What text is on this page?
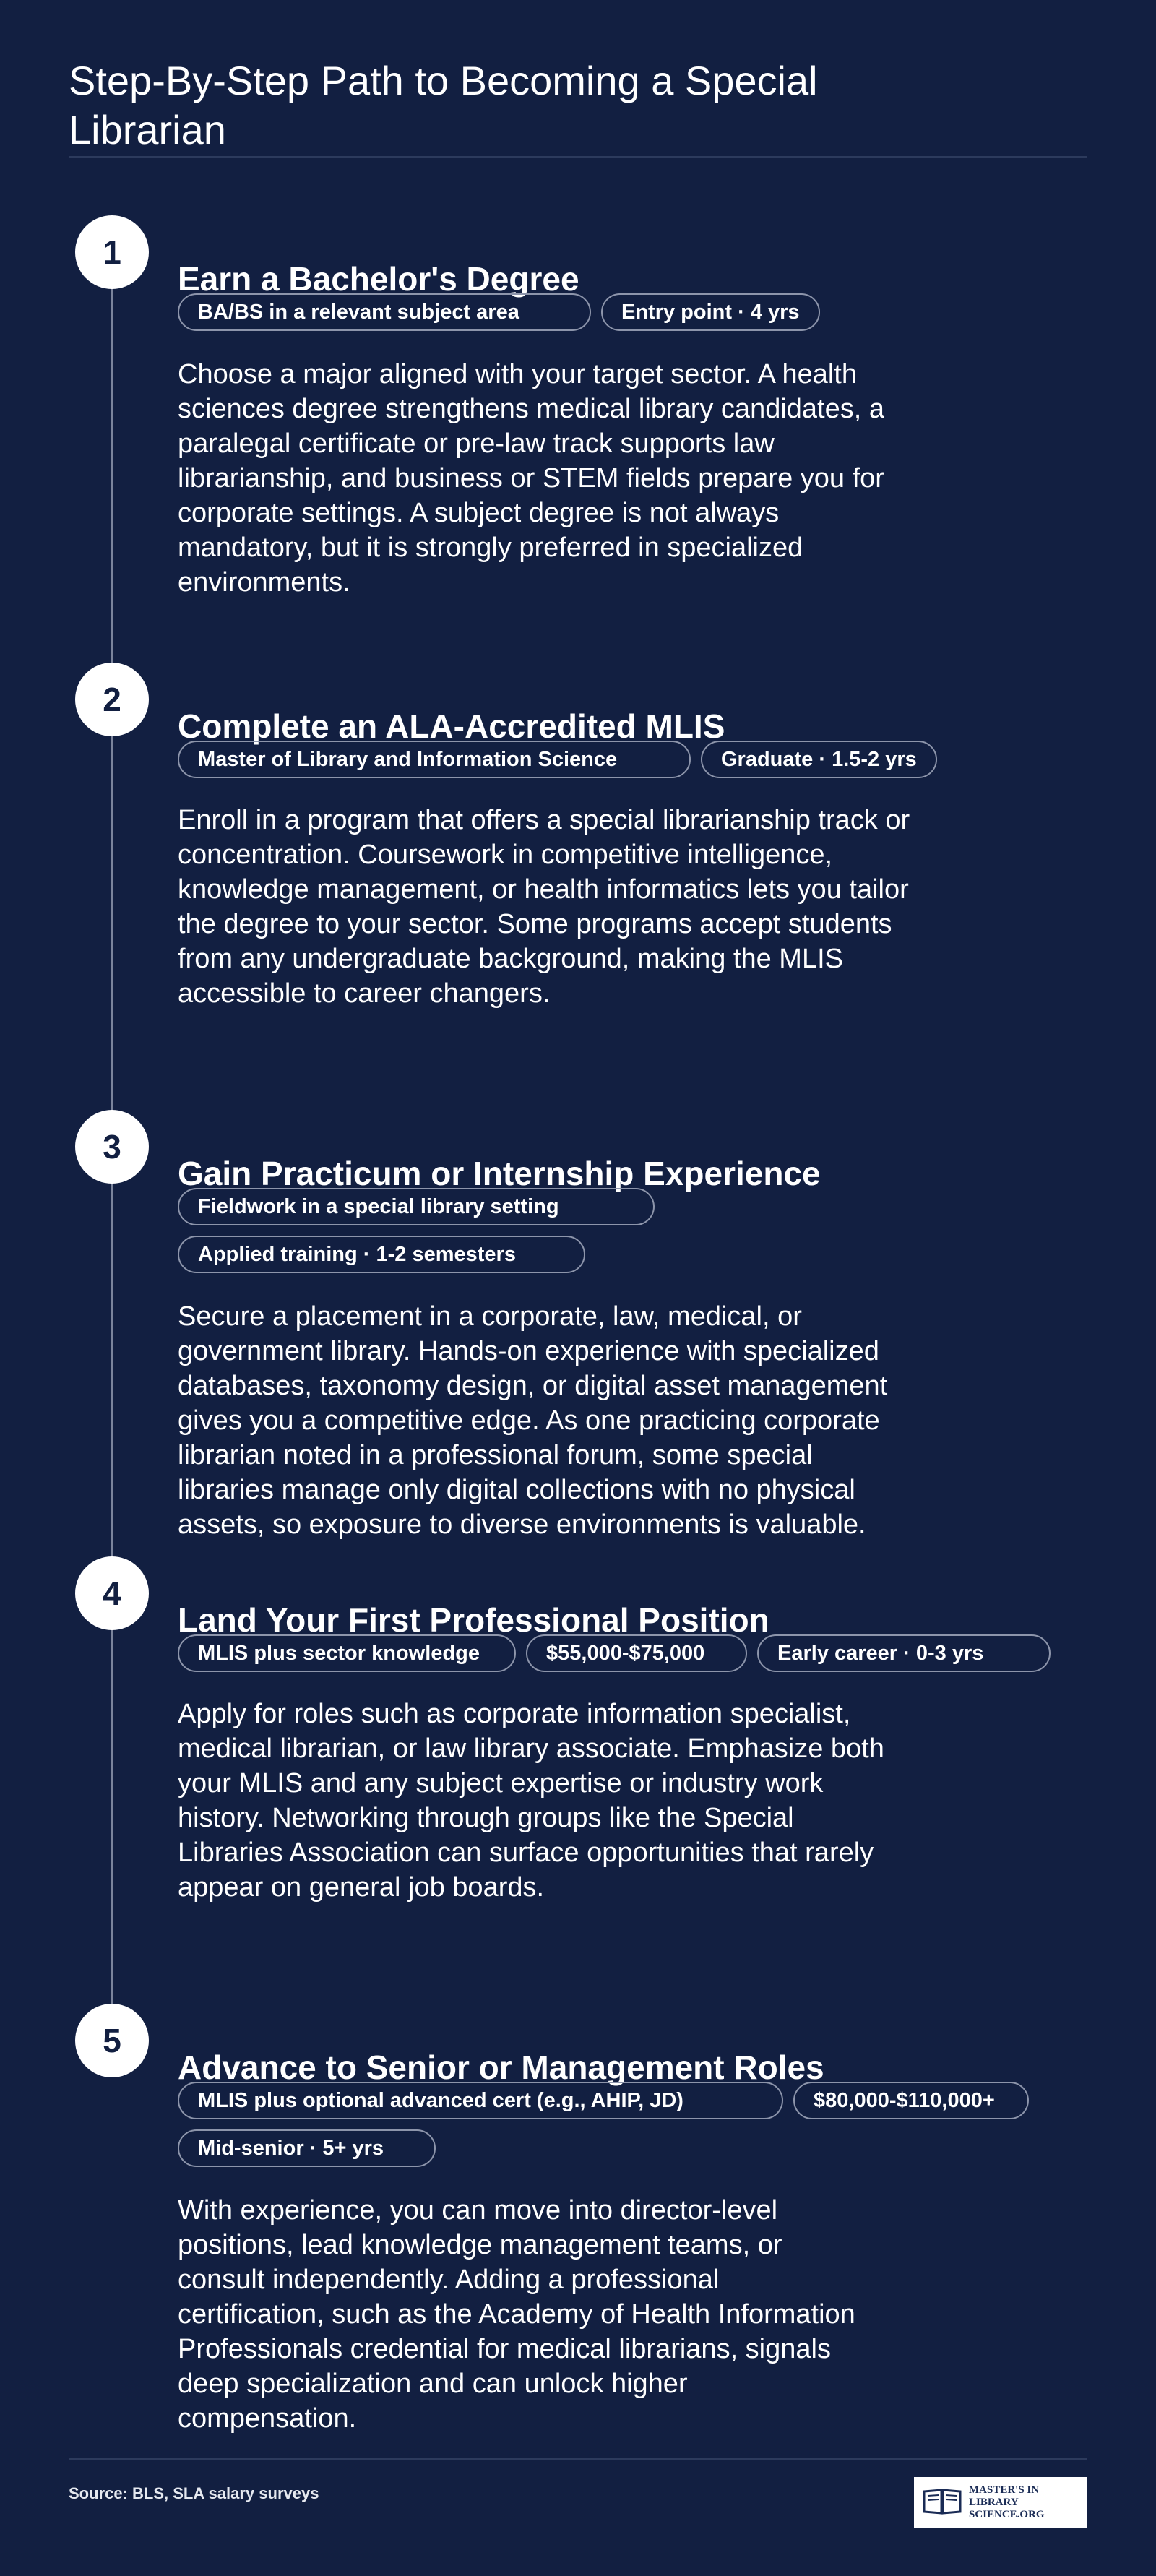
Step-By-Step Path to Becoming a Special Librarian
1
Earn a Bachelor's Degree
BA/BS in a relevant subject area	Entry point · 4 yrs

Choose a major aligned with your target sector. A health sciences degree strengthens medical library candidates, a paralegal certificate or pre-law track supports law librarianship, and business or STEM fields prepare you for corporate settings. A subject degree is not always mandatory, but it is strongly preferred in specialized environments.

2
Complete an ALA-Accredited MLIS
Master of Library and Information Science	Graduate · 1.5-2 yrs

Enroll in a program that offers a special librarianship track or concentration. Coursework in competitive intelligence, knowledge management, or health informatics lets you tailor the degree to your sector. Some programs accept students from any undergraduate background, making the MLIS accessible to career changers.

3
Gain Practicum or Internship Experience
Fieldwork in a special library setting
Applied training · 1-2 semesters

Secure a placement in a corporate, law, medical, or government library. Hands-on experience with specialized databases, taxonomy design, or digital asset management gives you a competitive edge. As one practicing corporate librarian noted in a professional forum, some special libraries manage only digital collections with no physical assets, so exposure to diverse environments is valuable.

4
Land Your First Professional Position
MLIS plus sector knowledge	$55,000-$75,000	Early career · 0-3 yrs

Apply for roles such as corporate information specialist, medical librarian, or law library associate. Emphasize both your MLIS and any subject expertise or industry work history. Networking through groups like the Special Libraries Association can surface opportunities that rarely appear on general job boards.

5
Advance to Senior or Management Roles
MLIS plus optional advanced cert (e.g., AHIP, JD)	$80,000-$110,000+
Mid-senior · 5+ yrs

With experience, you can move into director-level positions, lead knowledge management teams, or consult independently. Adding a professional certification, such as the Academy of Health Information Professionals credential for medical librarians, signals deep specialization and can unlock higher compensation.

Source: BLS, SLA salary surveys	MASTER'S IN LIBRARY SCIENCE.ORG
